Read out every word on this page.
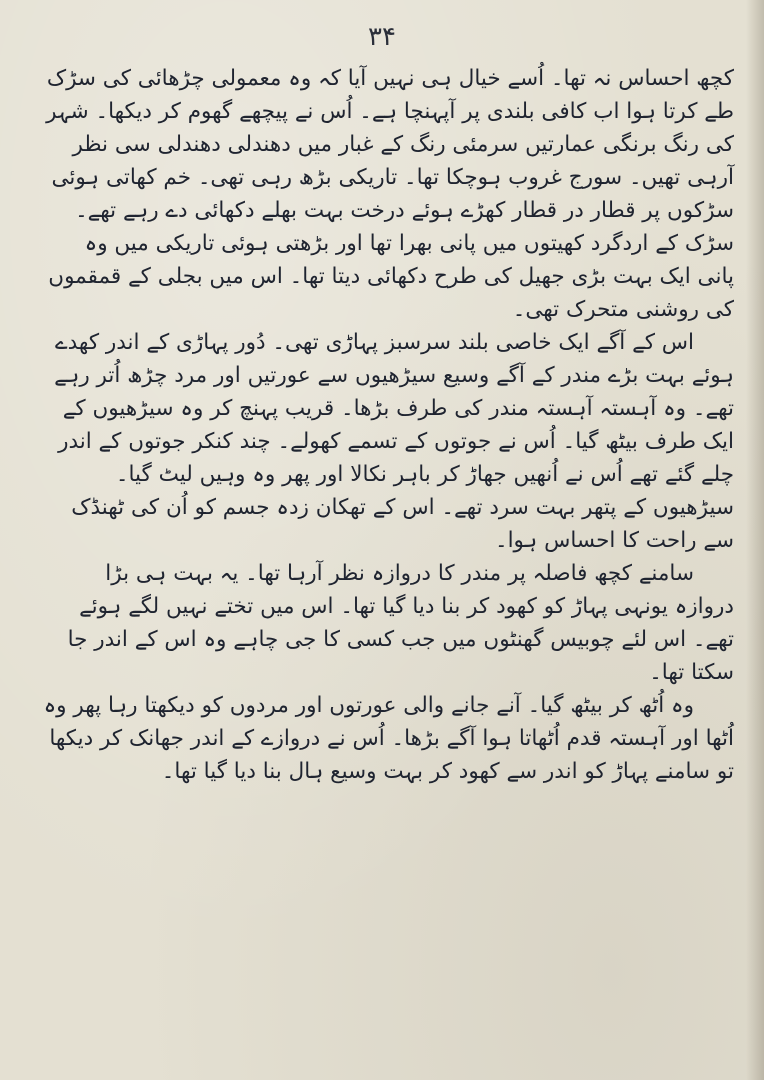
۳۴

کچھ احساس نہ تھا۔ اُسے خیال ہی نہیں آیا کہ وہ معمولی چڑھائی کی سڑک طے کرتا ہوا اب کافی بلندی پر آپہنچا ہے۔ اُس نے پیچھے گھوم کر دیکھا۔ شہر کی رنگ برنگی عمارتیں سرمئی رنگ کے غبار میں دھندلی دھندلی سی نظر آرہی تھیں۔ سورج غروب ہوچکا تھا۔ تاریکی بڑھ رہی تھی۔ خم کھاتی ہوئی سڑکوں پر قطار در قطار کھڑے ہوئے درخت بہت بھلے دکھائی دے رہے تھے۔ سڑک کے اردگرد کھیتوں میں پانی بھرا تھا اور بڑھتی ہوئی تاریکی میں وہ پانی ایک بہت بڑی جھیل کی طرح دکھائی دیتا تھا۔ اس میں بجلی کے قمقموں کی روشنی متحرک تھی۔

اس کے آگے ایک خاصی بلند سرسبز پہاڑی تھی۔ دُور پہاڑی کے اندر کھدے ہوئے بہت بڑے مندر کے آگے وسیع سیڑھیوں سے عورتیں اور مرد چڑھ اُتر رہے تھے۔ وہ آہستہ آہستہ مندر کی طرف بڑھا۔ قریب پہنچ کر وہ سیڑھیوں کے ایک طرف بیٹھ گیا۔ اُس نے جوتوں کے تسمے کھولے۔ چند کنکر جوتوں کے اندر چلے گئے تھے اُس نے اُنھیں جھاڑ کر باہر نکالا اور پھر وہ وہیں لیٹ گیا۔ سیڑھیوں کے پتھر بہت سرد تھے۔ اس کے تھکان زدہ جسم کو اُن کی ٹھنڈک سے راحت کا احساس ہوا۔

سامنے کچھ فاصلہ پر مندر کا دروازہ نظر آرہا تھا۔ یہ بہت ہی بڑا دروازہ یونہی پہاڑ کو کھود کر بنا دیا گیا تھا۔ اس میں تختے نہیں لگے ہوئے تھے۔ اس لئے چوبیس گھنٹوں میں جب کسی کا جی چاہے وہ اس کے اندر جا سکتا تھا۔

وہ اُٹھ کر بیٹھ گیا۔ آنے جانے والی عورتوں اور مردوں کو دیکھتا رہا پھر وہ اُٹھا اور آہستہ قدم اُٹھاتا ہوا آگے بڑھا۔ اُس نے دروازے کے اندر جھانک کر دیکھا تو سامنے پہاڑ کو اندر سے کھود کر بہت وسیع ہال بنا دیا گیا تھا۔
